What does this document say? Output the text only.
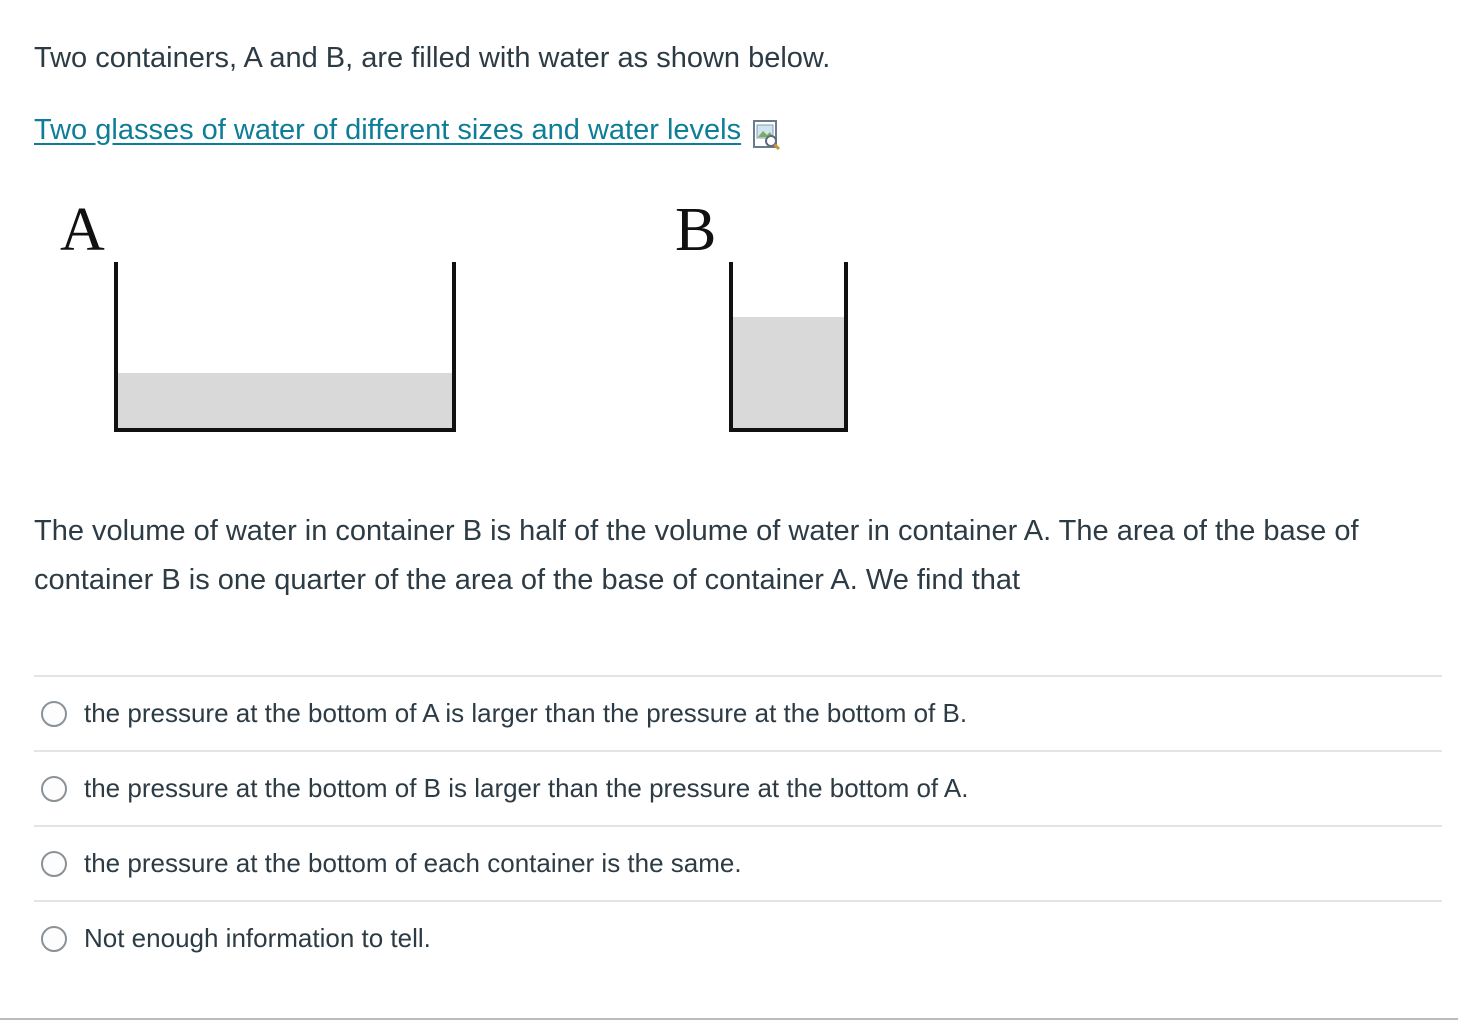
Two containers, A and B, are filled with water as shown below.
Two glasses of water of different sizes and water levels
A	B
The volume of water in container B is half of the volume of water in container A. The area of the base of container B is one quarter of the area of the base of container A. We find that
the pressure at the bottom of A is larger than the pressure at the bottom of B.
the pressure at the bottom of B is larger than the pressure at the bottom of A.
the pressure at the bottom of each container is the same.
Not enough information to tell.
